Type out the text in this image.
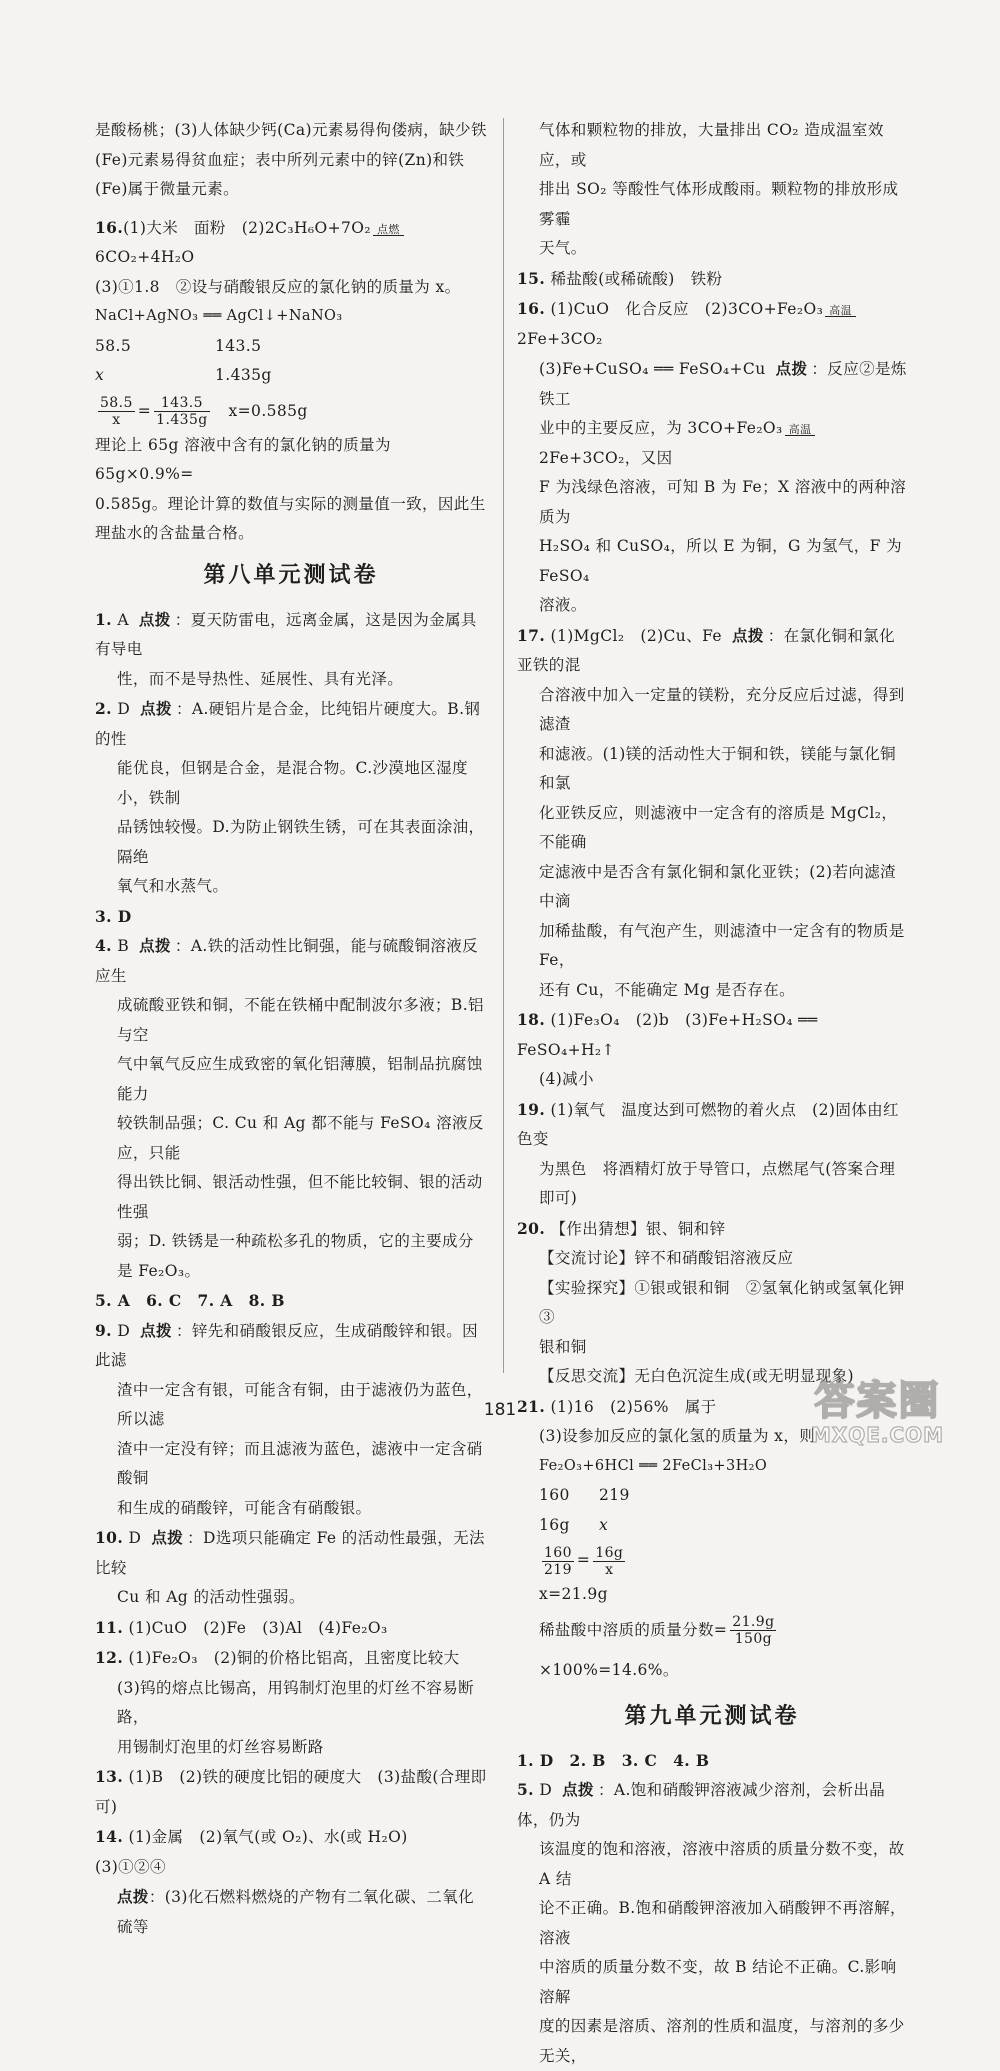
是酸杨桃；(3)人体缺少钙(Ca)元素易得佝偻病，缺少铁

(Fe)元素易得贫血症；表中所列元素中的锌(Zn)和铁

(Fe)属于微量元素。

16.(1)大米　面粉　(2)2C₃H₆O+7O₂ 点燃
6CO₂+4H₂O

(3)①1.8　②设与硝酸银反应的氯化钠的质量为 x。

NaCl+AgNO₃ ══ AgCl↓+NaNO₃

58.5	143.5

x	1.435g

$\frac{58.5}{x} = \frac{143.5}{1.435g}$
　 x=0.585g

理论上 65g 溶液中含有的氯化钠的质量为 65g×0.9%=

0.585g。理论计算的数值与实际的测量值一致，因此生

理盐水的含盐量合格。

第八单元测试卷

1. A 点拨 ：夏天防雷电，远离金属，这是因为金属具有导电

性，而不是导热性、延展性、具有光泽。

2. D 点拨 ：A.硬铝片是合金，比纯铝片硬度大。B.钢的性

能优良，但钢是合金，是混合物。C.沙漠地区湿度小，铁制

品锈蚀较慢。D.为防止钢铁生锈，可在其表面涂油，隔绝

氧气和水蒸气。

3. D

4. B 点拨 ：A.铁的活动性比铜强，能与硫酸铜溶液反应生

成硫酸亚铁和铜，不能在铁桶中配制波尔多液；B.铝与空

气中氧气反应生成致密的氧化铝薄膜，铝制品抗腐蚀能力

较铁制品强；C. Cu 和 Ag 都不能与 FeSO₄ 溶液反应，只能

得出铁比铜、银活动性强，但不能比较铜、银的活动性强

弱；D. 铁锈是一种疏松多孔的物质，它的主要成分

是 Fe₂O₃。

5. A　6. C　7. A　8. B

9. D 点拨 ：锌先和硝酸银反应，生成硝酸锌和银。因此滤

渣中一定含有银，可能含有铜，由于滤液仍为蓝色，所以滤

渣中一定没有锌；而且滤液为蓝色，滤液中一定含硝酸铜

和生成的硝酸锌，可能含有硝酸银。

10. D 点拨 ：D选项只能确定 Fe 的活动性最强，无法比较

Cu 和 Ag 的活动性强弱。

11. (1)CuO　(2)Fe　(3)Al　(4)Fe₂O₃

12. (1)Fe₂O₃　(2)铜的价格比铝高，且密度比较大

(3)钨的熔点比锡高，用钨制灯泡里的灯丝不容易断路，

用锡制灯泡里的灯丝容易断路

13. (1)B　(2)铁的硬度比铝的硬度大　(3)盐酸(合理即可)

14. (1)金属　(2)氧气(或 O₂)、水(或 H₂O)　(3)①②④

点拨：(3)化石燃料燃烧的产物有二氧化碳、二氧化硫等

气体和颗粒物的排放，大量排出 CO₂ 造成温室效应，或

排出 SO₂ 等酸性气体形成酸雨。颗粒物的排放形成雾霾

天气。

15. 稀盐酸(或稀硫酸)　铁粉

16. (1)CuO　化合反应　(2)3CO+Fe₂O₃ 高温
2Fe+3CO₂

(3)Fe+CuSO₄ ══ FeSO₄+Cu 点拨 ：反应②是炼铁工

业中的主要反应，为 3CO+Fe₂O₃ 高温
2Fe+3CO₂，又因

F 为浅绿色溶液，可知 B 为 Fe；X 溶液中的两种溶质为

H₂SO₄ 和 CuSO₄，所以 E 为铜，G 为氢气，F 为 FeSO₄

溶液。

17. (1)MgCl₂　(2)Cu、Fe 点拨 ：在氯化铜和氯化亚铁的混

合溶液中加入一定量的镁粉，充分反应后过滤，得到滤渣

和滤液。(1)镁的活动性大于铜和铁，镁能与氯化铜和氯

化亚铁反应，则滤液中一定含有的溶质是 MgCl₂，不能确

定滤液中是否含有氯化铜和氯化亚铁；(2)若向滤渣中滴

加稀盐酸，有气泡产生，则滤渣中一定含有的物质是 Fe，

还有 Cu，不能确定 Mg 是否存在。

18. (1)Fe₃O₄　(2)b　(3)Fe+H₂SO₄ ══ FeSO₄+H₂↑

(4)减小

19. (1)氧气　温度达到可燃物的着火点　(2)固体由红色变

为黑色　将酒精灯放于导管口，点燃尾气(答案合理即可)

20. 【作出猜想】银、铜和锌

【交流讨论】锌不和硝酸铝溶液反应

【实验探究】①银或银和铜　②氢氧化钠或氢氧化钾　③

银和铜

【反思交流】无白色沉淀生成(或无明显现象)

21. (1)16　(2)56%　属于

(3)设参加反应的氯化氢的质量为 x，则

Fe₂O₃+6HCl ══ 2FeCl₃+3H₂O

160 219

16g x

$\frac{160}{219} = \frac{16g}{x}$

x=21.9g

稀盐酸中溶质的质量分数= $\frac{21.9g}{150g}$
×100%=14.6%。

第九单元测试卷

1. D　2. B　3. C　4. B

5. D 点拨 ：A.饱和硝酸钾溶液减少溶剂，会析出晶体，仍为

该温度的饱和溶液，溶液中溶质的质量分数不变，故 A 结

论不正确。B.饱和硝酸钾溶液加入硝酸钾不再溶解，溶液

中溶质的质量分数不变，故 B 结论不正确。C.影响溶解

度的因素是溶质、溶剂的性质和温度，与溶剂的多少无关，

181	答案圈
MXQE.COM
